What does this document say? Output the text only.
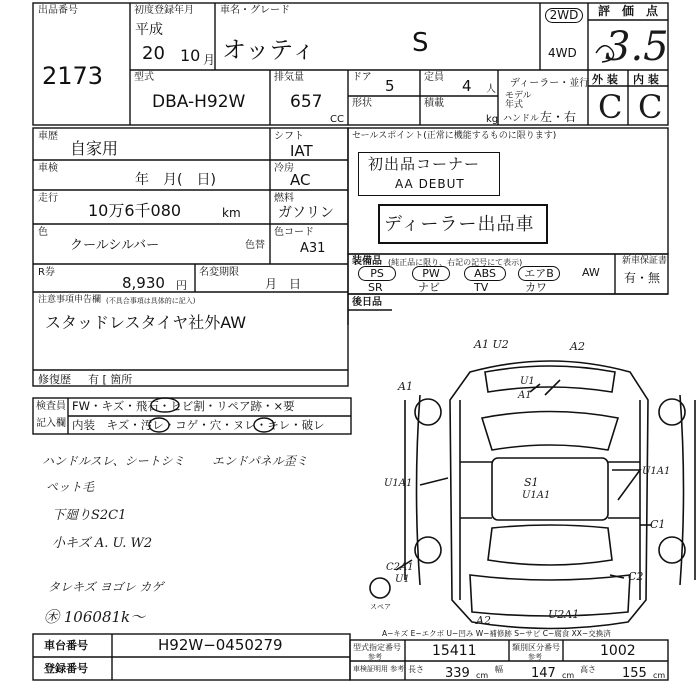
出品番号
2173
初度登録年月
平成
20 10 月
車名・グレード
オッティ	S
2WD
4WD
評　価　点
3.5
外 装 内 装
C C
型式
DBA-H92W
排気量
657
CC
ドア 5	定員 4 人
形状	積載
kg
ディーラー・並行
モデル年式
ハンドル 左・右
車歴
自家用
車検
年　月(　日)
走行
10万6千080	km
色
クールシルバー	色替
シフト
IAT
冷房
AC
燃料
ガソリン
色コード
A31
R券
8,930 円
名変期限
月　日
注意事項申告欄 (不具合事項は具体的に記入)
スタッドレスタイヤ社外AW
修復歴 有 [ 箇所
セールスポイント(正常に機能するものに限ります)
初出品コーナー
AA DEBUT
ディーラー出品車
装備品 (純正品に限り、右記の記号にて表示)
PS	PW	ABS	エアB	AW
SR	ナビ	TV	カワ
新車保証書
有・無
後日品
検査員
記入欄
FW・キズ・飛石・ヒビ割・リペア跡・×要
内装　キズ・汚レ・コゲ・穴・ヌレ・キレ・破レ
ハンドルスレ、シートシミ エンドパネル歪ミ
ペット毛
下廻りS2C1
小キズ A. U. W2
タレキズ ヨゴレ カゲ
㊍ 106081k〜
A1 U2	A2
A1	U1
A1
U1A1
U1A1
S1
U1A1
C1
C2A1
U1	C2
A2	U2A1
スペア
A−キズ E−エクボ U−凹み W−補修跡 S−サビ C−腐食 XX−交換済
車台番号	H92W−0450279
登録番号
型式指定番号
参考	15411	類別区分番号
参考	1002
車検証明用 参考 長さ 339 cm
幅 147 cm
高さ 155 cm
